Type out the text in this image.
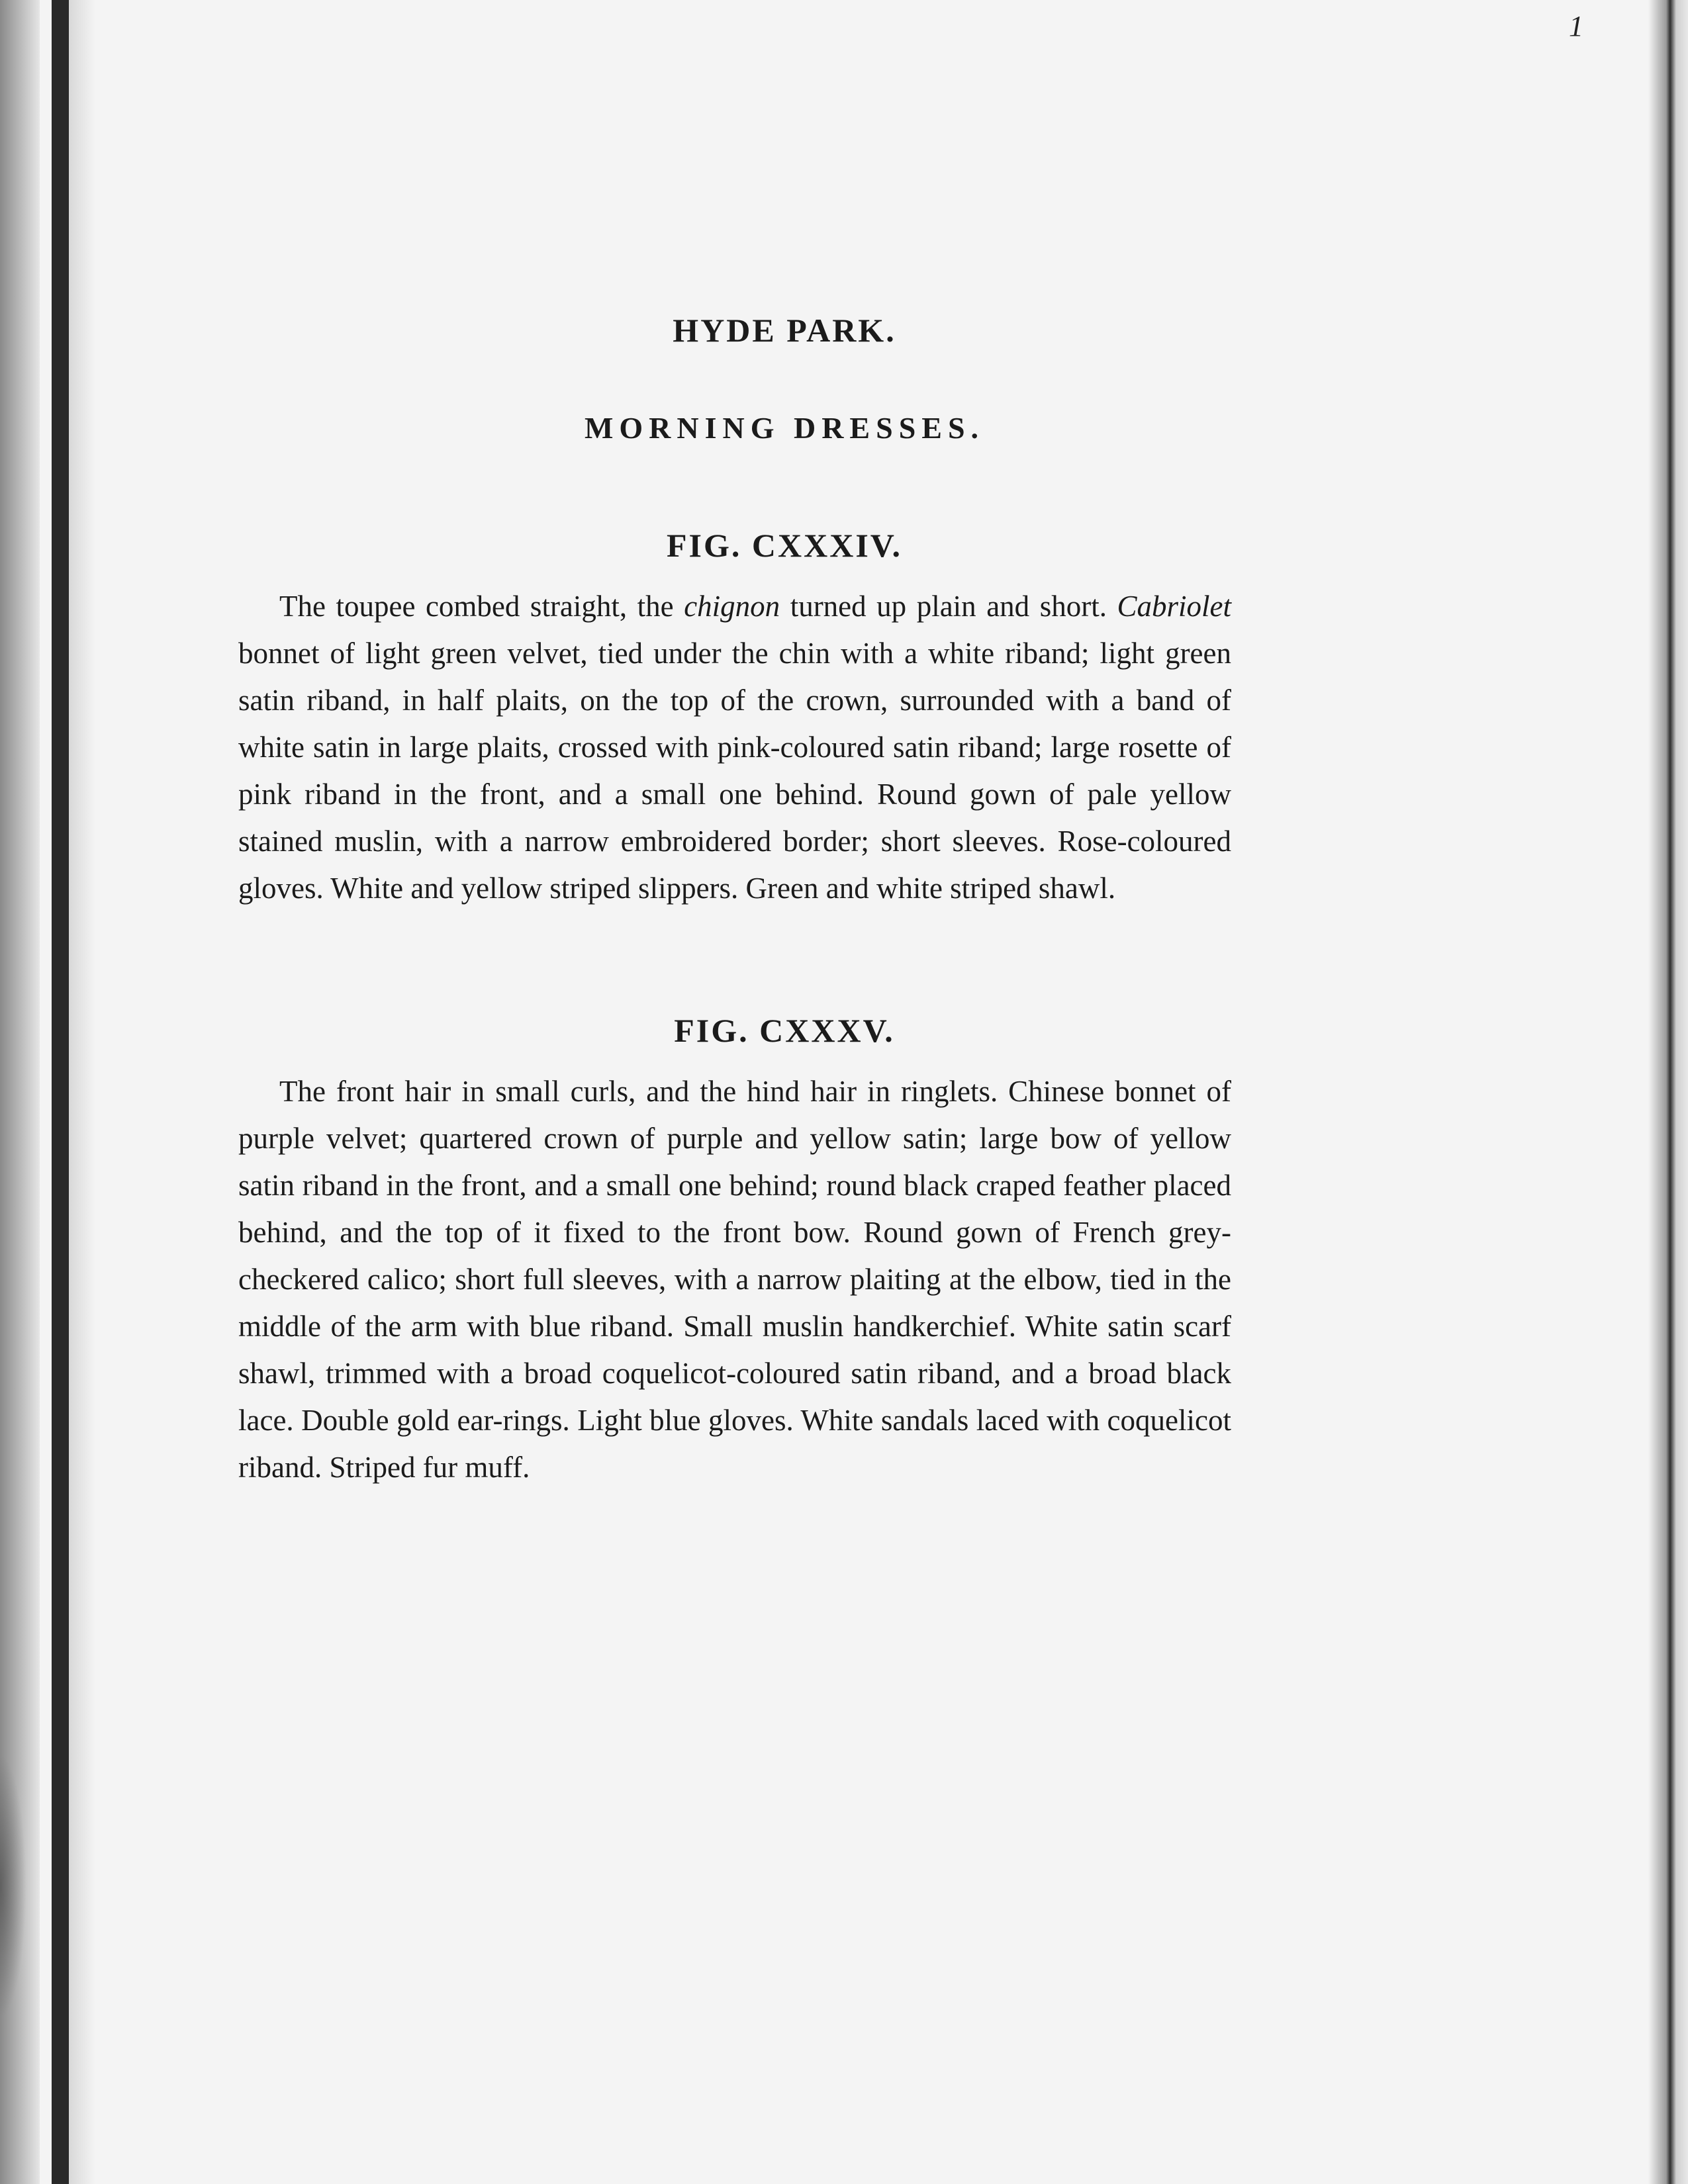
1
HYDE PARK.
MORNING DRESSES.
FIG. CXXXIV.

The toupee combed straight, the chignon turned up plain and short. Cabriolet bonnet of light green velvet, tied under the chin with a white riband; light green satin riband, in half plaits, on the top of the crown, surrounded with a band of white satin in large plaits, crossed with pink-coloured satin riband; large rosette of pink riband in the front, and a small one behind. Round gown of pale yellow stained muslin, with a narrow embroidered border; short sleeves. Rose-coloured gloves. White and yellow striped slippers. Green and white striped shawl.

FIG. CXXXV.

The front hair in small curls, and the hind hair in ringlets. Chinese bonnet of purple velvet; quartered crown of purple and yellow satin; large bow of yellow satin riband in the front, and a small one behind; round black craped feather placed behind, and the top of it fixed to the front bow. Round gown of French grey-checkered calico; short full sleeves, with a narrow plaiting at the elbow, tied in the middle of the arm with blue riband. Small muslin handkerchief. White satin scarf shawl, trimmed with a broad coquelicot-coloured satin riband, and a broad black lace. Double gold ear-rings. Light blue gloves. White sandals laced with coquelicot riband. Striped fur muff.
